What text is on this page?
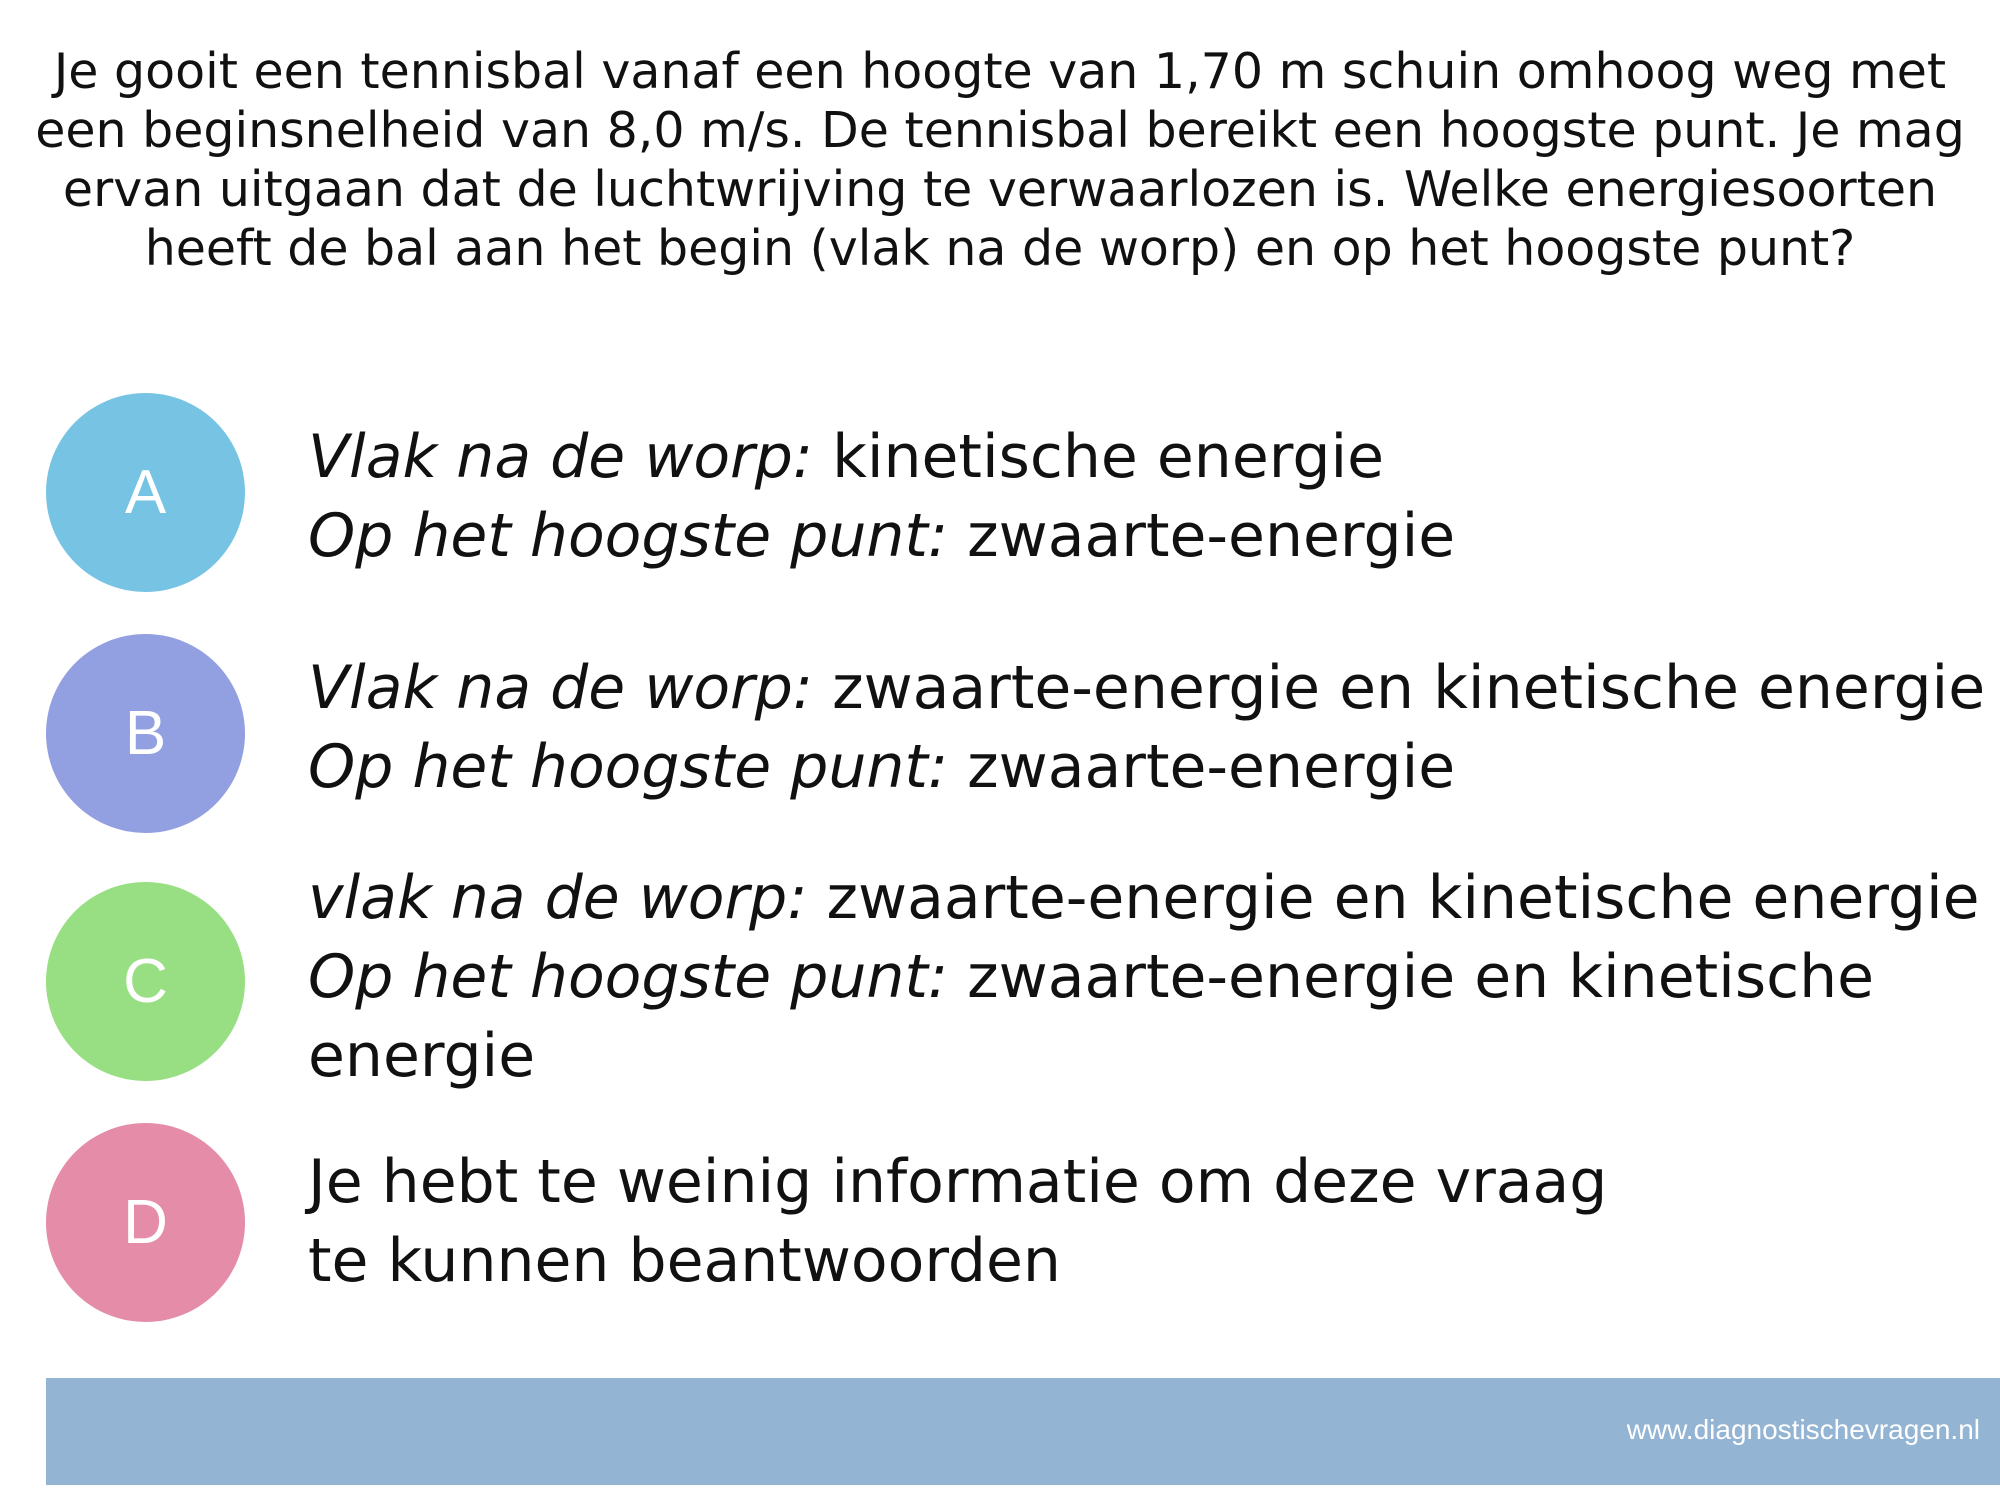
Je gooit een tennisbal vanaf een hoogte van 1,70 m schuin omhoog weg met een beginsnelheid van 8,0 m/s. De tennisbal bereikt een hoogste punt. Je mag ervan uitgaan dat de luchtwrijving te verwaarlozen is. Welke energiesoorten heeft de bal aan het begin (vlak na de worp) en op het hoogste punt?

A
Vlak na de worp: kinetische energie
Op het hoogste punt: zwaarte-energie
B
Vlak na de worp: zwaarte-energie en kinetische energie
Op het hoogste punt: zwaarte-energie
C
vlak na de worp: zwaarte-energie en kinetische energie
Op het hoogste punt: zwaarte-energie en kinetische energie
D
Je hebt te weinig informatie om deze vraag
te kunnen beantwoorden
www.diagnostischevragen.nl
